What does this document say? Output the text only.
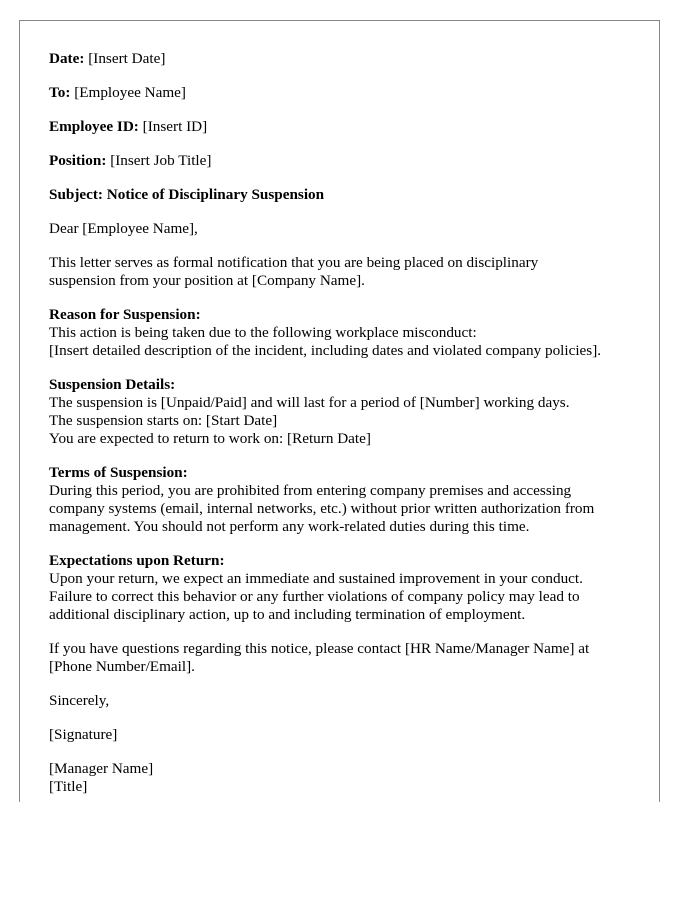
Date: [Insert Date]

To: [Employee Name]

Employee ID: [Insert ID]

Position: [Insert Job Title]

Subject: Notice of Disciplinary Suspension

Dear [Employee Name],

This letter serves as formal notification that you are being placed on disciplinary

suspension from your position at [Company Name].

Reason for Suspension:

This action is being taken due to the following workplace misconduct:

[Insert detailed description of the incident, including dates and violated company policies].

Suspension Details:

The suspension is [Unpaid/Paid] and will last for a period of [Number] working days.

The suspension starts on: [Start Date]

You are expected to return to work on: [Return Date]

Terms of Suspension:

During this period, you are prohibited from entering company premises and accessing

company systems (email, internal networks, etc.) without prior written authorization from

management. You should not perform any work-related duties during this time.

Expectations upon Return:

Upon your return, we expect an immediate and sustained improvement in your conduct.

Failure to correct this behavior or any further violations of company policy may lead to

additional disciplinary action, up to and including termination of employment.

If you have questions regarding this notice, please contact [HR Name/Manager Name] at

[Phone Number/Email].

Sincerely,

[Signature]

[Manager Name]

[Title]
